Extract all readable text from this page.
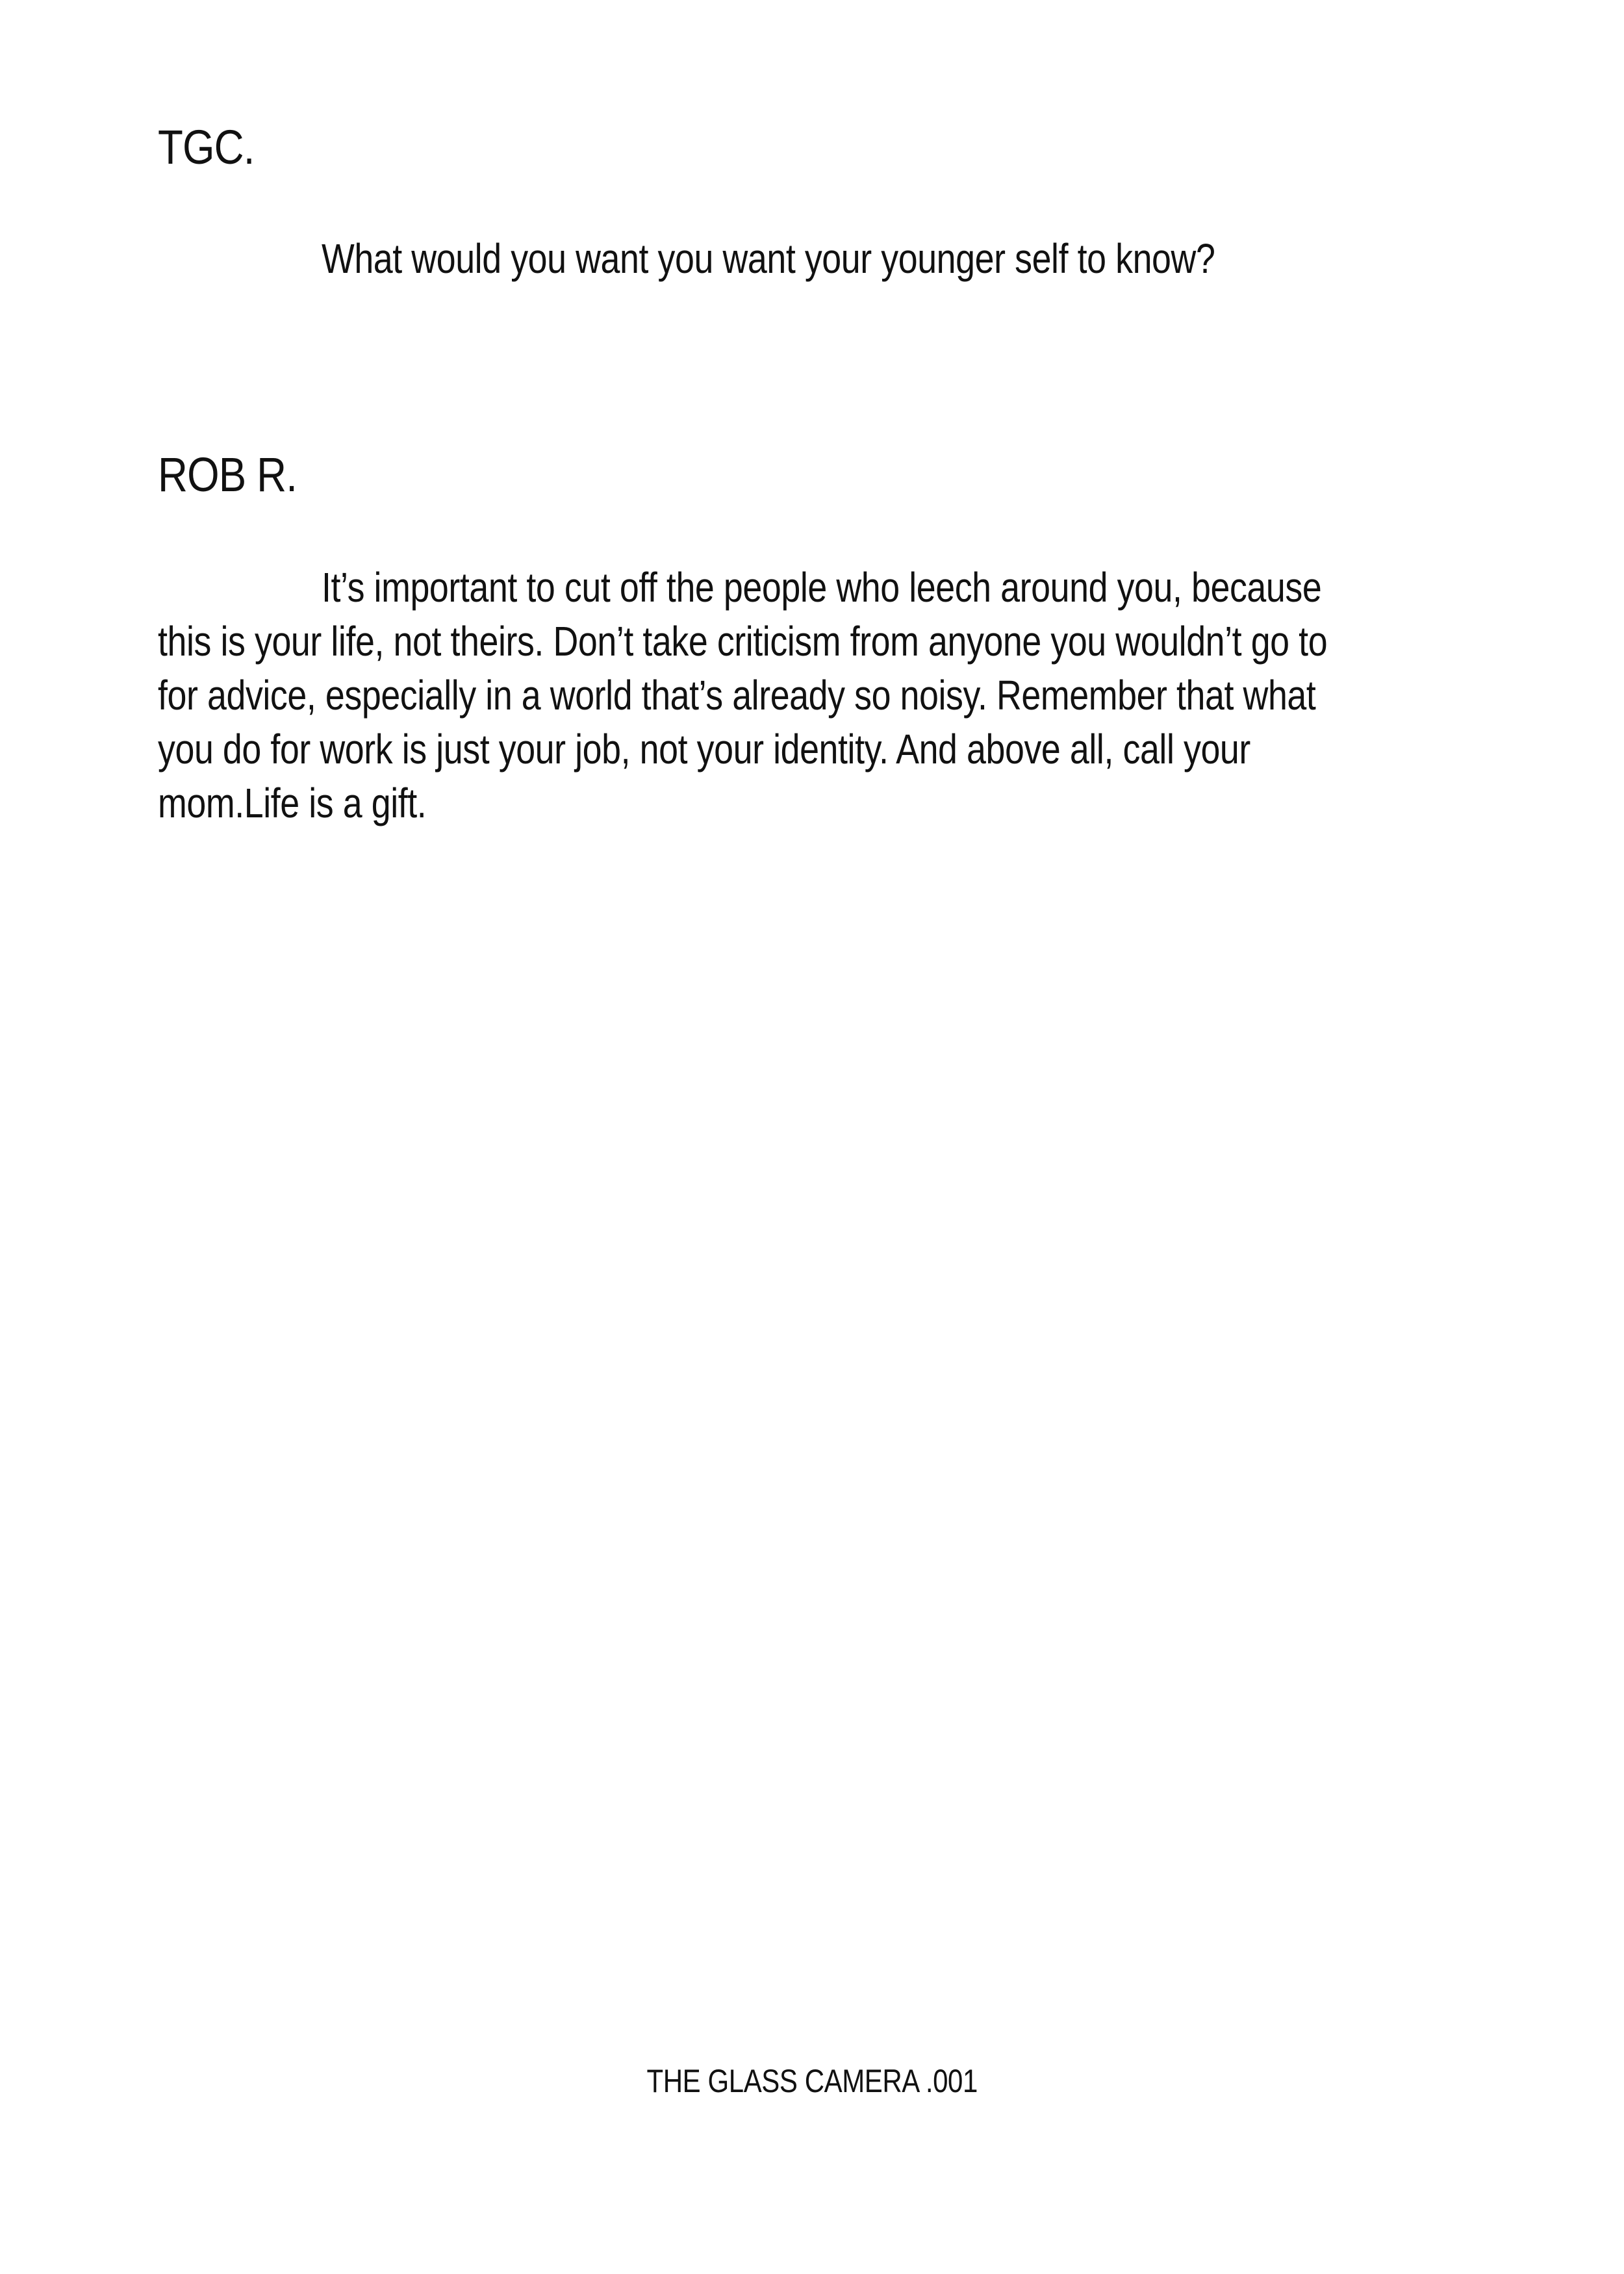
TGC.
What would you want you want your younger self to know?
ROB R.
It’s important to cut off the people who leech around you, because
this is your life, not theirs. Don’t take criticism from anyone you wouldn’t go to
for advice, especially in a world that’s already so noisy. Remember that what
you do for work is just your job, not your identity. And above all, call your
mom.Life is a gift.
THE GLASS CAMERA .001
